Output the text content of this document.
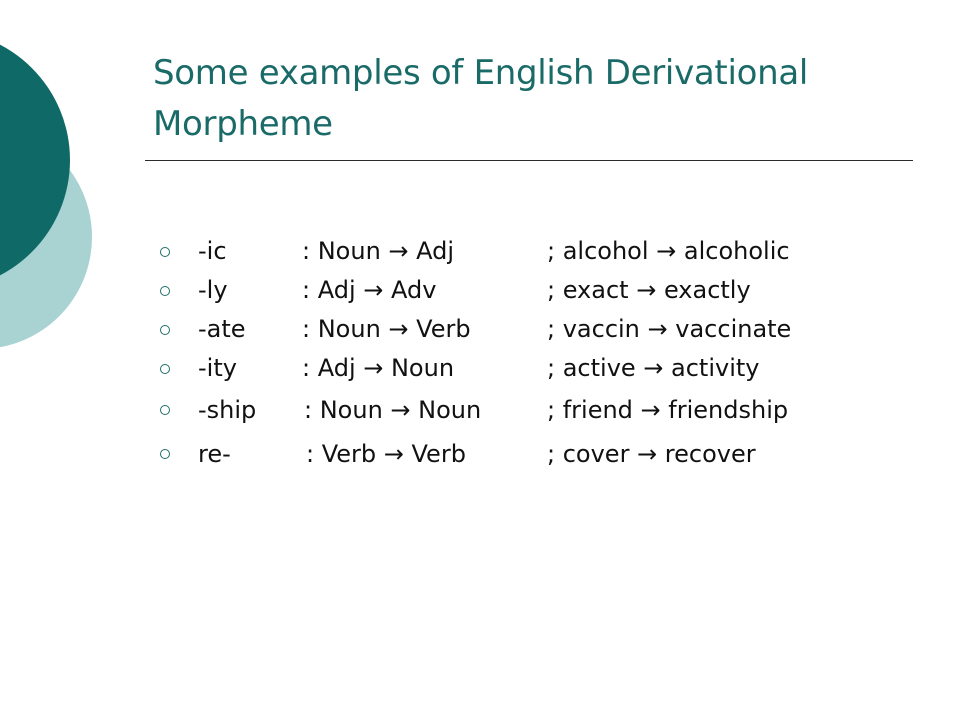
Some examples of English Derivational Morpheme
-ic	: Noun → Adj	; alcohol → alcoholic
-ly	: Adj → Adv	; exact → exactly
-ate : Noun → Verb	; vaccin → vaccinate
-ity	: Adj → Noun	; active → activity
-ship : Noun → Noun	; friend → friendship
re-	: Verb → Verb	; cover → recover
